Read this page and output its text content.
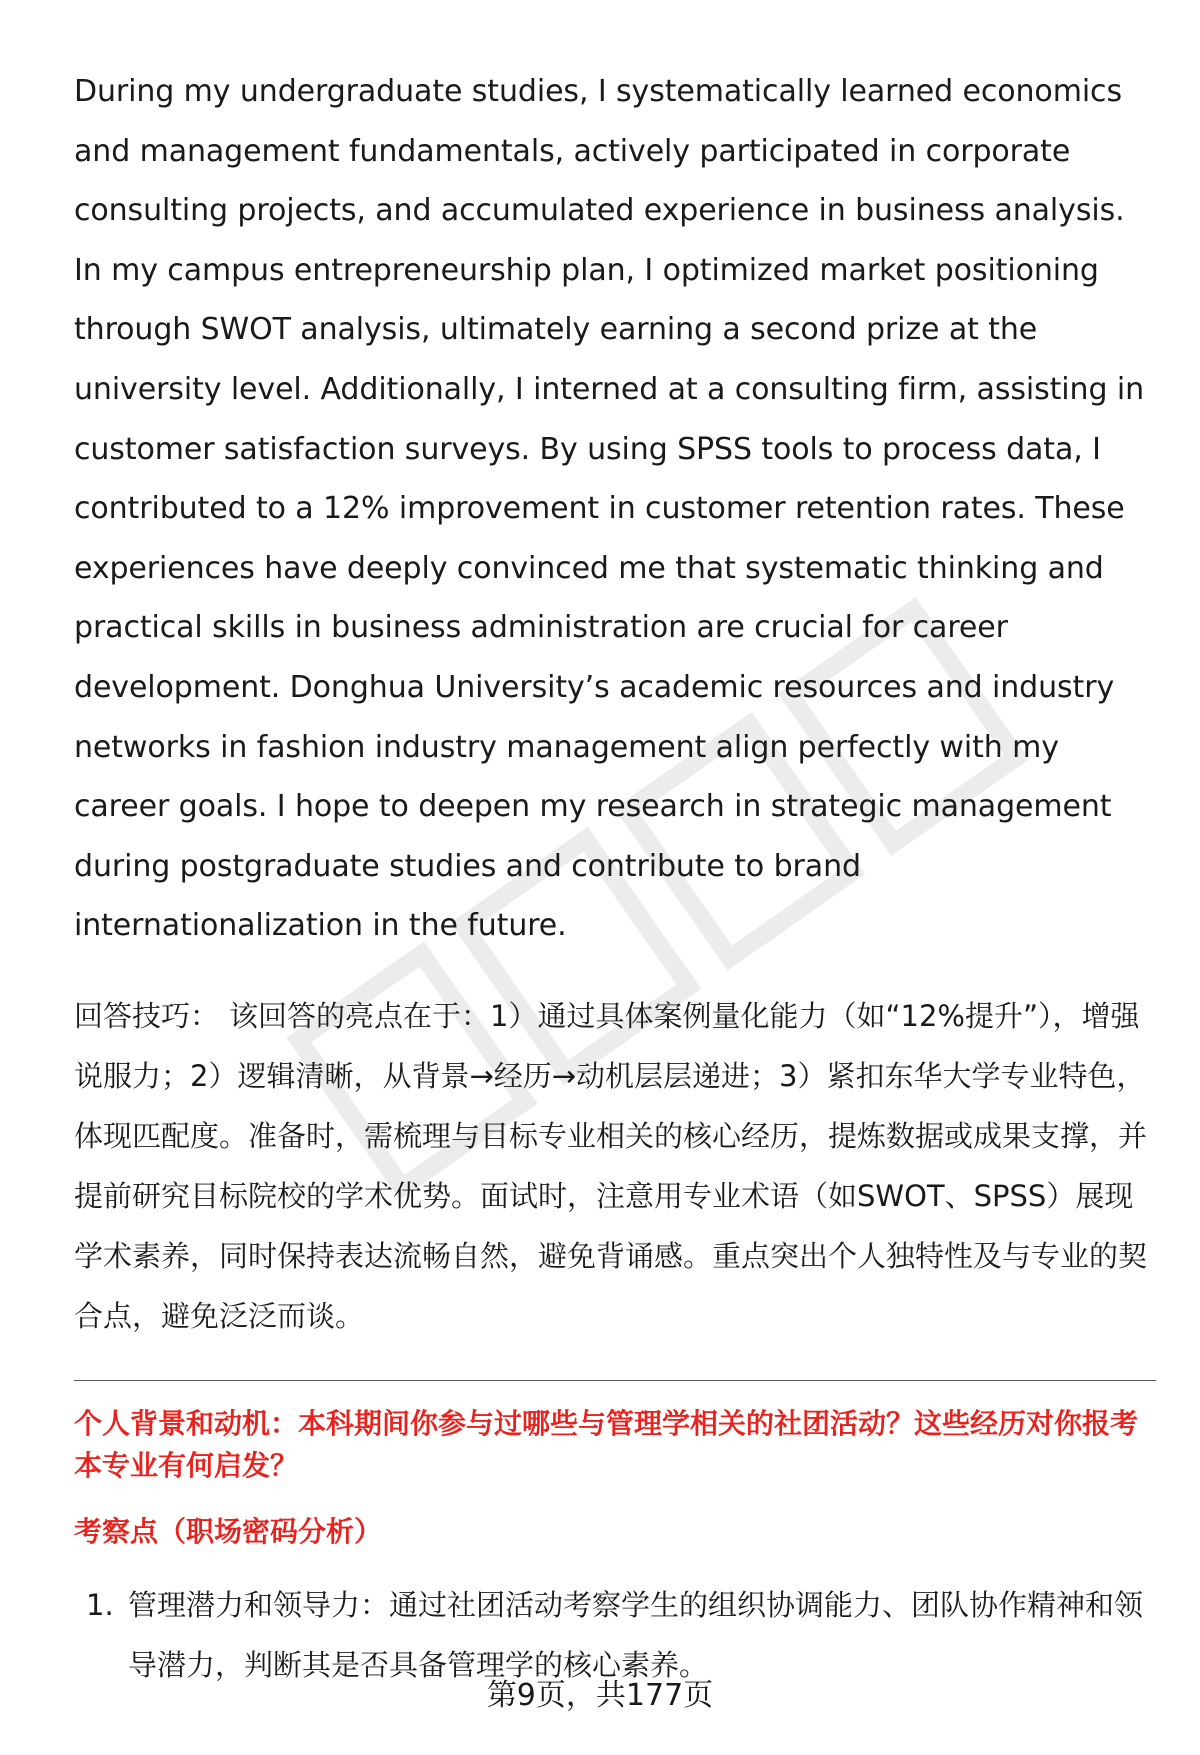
During my undergraduate studies, I systematically learned economics and management fundamentals, actively participated in corporate consulting projects, and accumulated experience in business analysis. In my campus entrepreneurship plan, I optimized market positioning through SWOT analysis, ultimately earning a second prize at the university level. Additionally, I interned at a consulting firm, assisting in customer satisfaction surveys. By using SPSS tools to process data, I contributed to a 12% improvement in customer retention rates. These experiences have deeply convinced me that systematic thinking and practical skills in business administration are crucial for career development. Donghua University’s academic resources and industry networks in fashion industry management align perfectly with my career goals. I hope to deepen my research in strategic management during postgraduate studies and contribute to brand internationalization in the future.

回答技巧： 该回答的亮点在于：1）通过具体案例量化能力（如“12%提升”），增强说服力；2）逻辑清晰，从背景→经历→动机层层递进；3）紧扣东华大学专业特色，体现匹配度。准备时，需梳理与目标专业相关的核心经历，提炼数据或成果支撑，并提前研究目标院校的学术优势。面试时，注意用专业术语（如SWOT、SPSS）展现学术素养，同时保持表达流畅自然，避免背诵感。重点突出个人独特性及与专业的契合点，避免泛泛而谈。

个人背景和动机：本科期间你参与过哪些与管理学相关的社团活动？这些经历对你报考本专业有何启发？
考察点（职场密码分析）
1. 管理潜力和领导力：通过社团活动考察学生的组织协调能力、团队协作精神和领导潜力，判断其是否具备管理学的核心素养。
第9页，共177页
